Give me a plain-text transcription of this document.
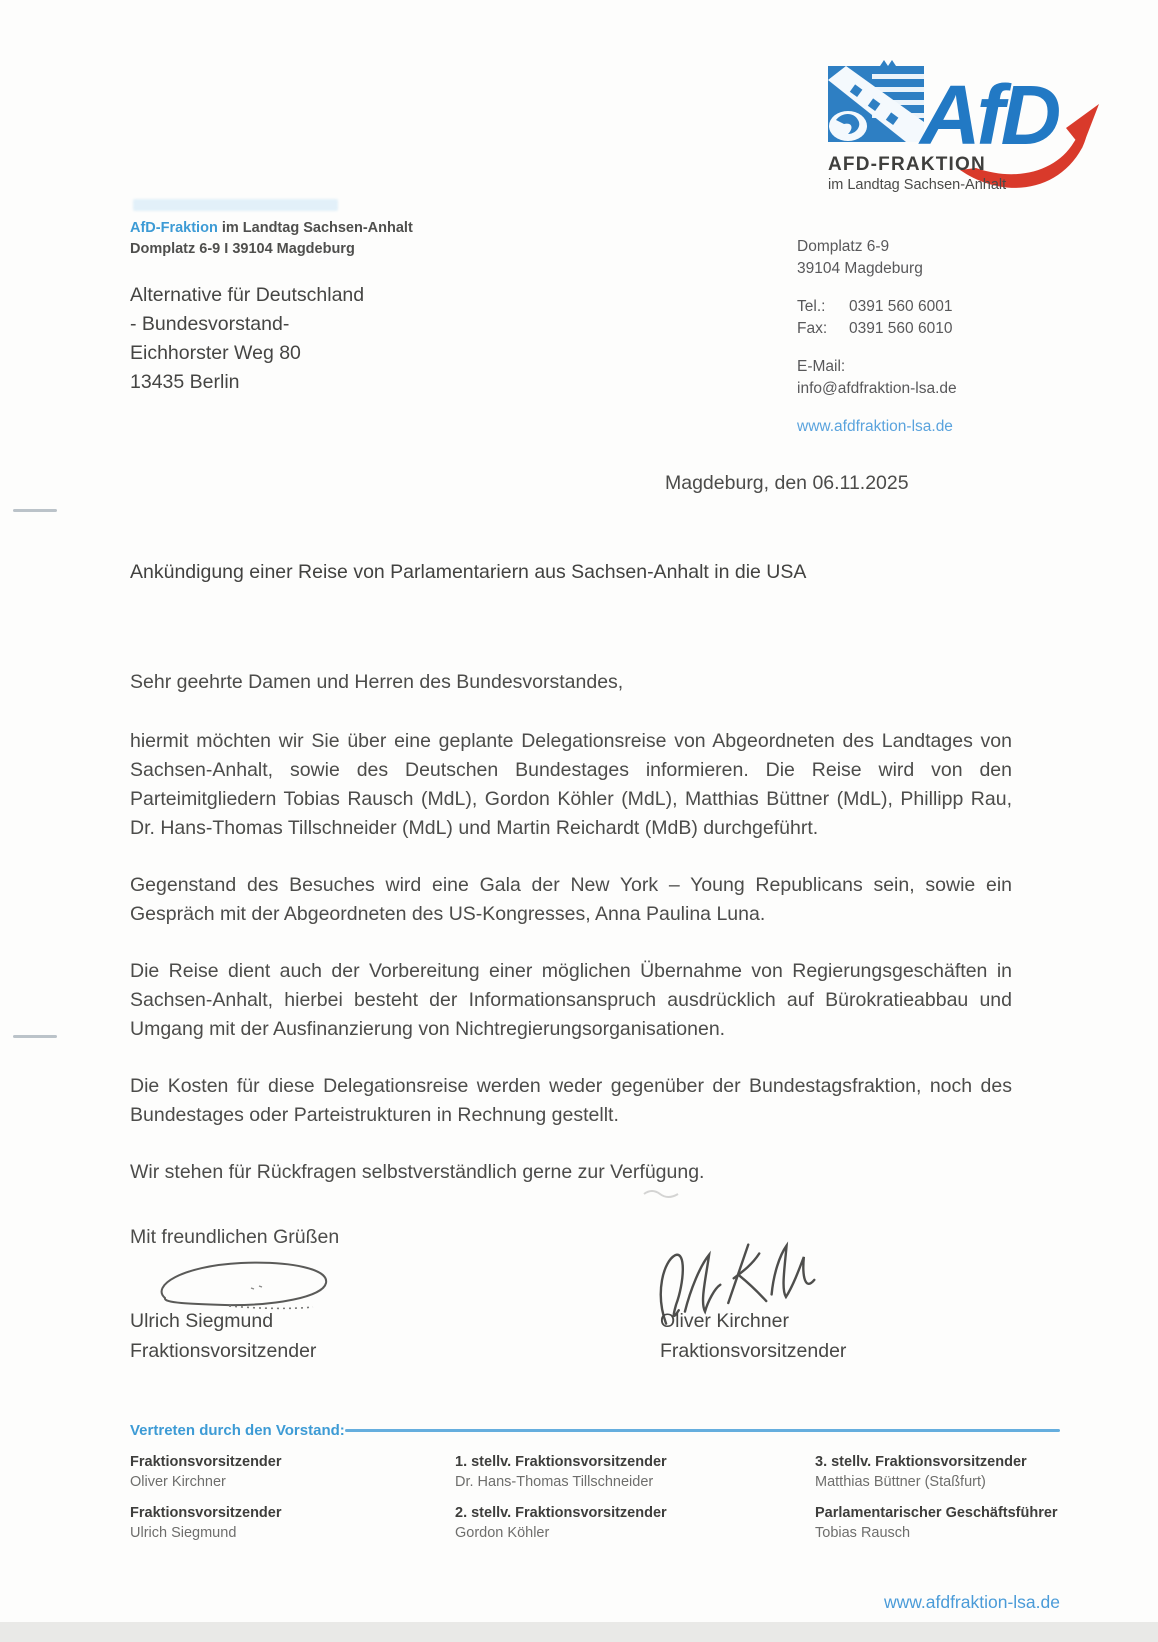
AfD
AFD-FRAKTION
im Landtag Sachsen-Anhalt
AfD-Fraktion im Landtag Sachsen-Anhalt
Domplatz 6-9 I 39104 Magdeburg
Alternative für Deutschland
- Bundesvorstand-
Eichhorster Weg 80
13435 Berlin
Domplatz 6-9
39104 Magdeburg
Tel.:	0391 560 6001
Fax:	0391 560 6010
E-Mail:
info@afdfraktion-lsa.de
www.afdfraktion-lsa.de
Magdeburg, den 06.11.2025
Ankündigung einer Reise von Parlamentariern aus Sachsen-Anhalt in die USA
Sehr geehrte Damen und Herren des Bundesvorstandes,

hiermit möchten wir Sie über eine geplante Delegationsreise von Abgeordneten des Landtages von Sachsen-Anhalt, sowie des Deutschen Bundestages informieren. Die Reise wird von den Parteimitgliedern Tobias Rausch (MdL), Gordon Köhler (MdL), Matthias Büttner (MdL), Phillipp Rau, Dr. Hans-Thomas Tillschneider (MdL) und Martin Reichardt (MdB) durchgeführt.

Gegenstand des Besuches wird eine Gala der New York – Young Republicans sein, sowie ein Gespräch mit der Abgeordneten des US-Kongresses, Anna Paulina Luna.

Die Reise dient auch der Vorbereitung einer möglichen Übernahme von Regierungsgeschäften in Sachsen-Anhalt, hierbei besteht der Informationsanspruch ausdrücklich auf Bürokratieabbau und Umgang mit der Ausfinanzierung von Nichtregierungsorganisationen.

Die Kosten für diese Delegationsreise werden weder gegenüber der Bundestagsfraktion, noch des Bundestages oder Parteistrukturen in Rechnung gestellt.

Wir stehen für Rückfragen selbstverständlich gerne zur Verfügung.

Mit freundlichen Grüßen
Ulrich Siegmund
Fraktionsvorsitzender
Oliver Kirchner
Fraktionsvorsitzender
Vertreten durch den Vorstand:
Fraktionsvorsitzender
Oliver Kirchner
Fraktionsvorsitzender
Ulrich Siegmund
1. stellv. Fraktionsvorsitzender
Dr. Hans-Thomas Tillschneider
2. stellv. Fraktionsvorsitzender
Gordon Köhler
3. stellv. Fraktionsvorsitzender
Matthias Büttner (Staßfurt)
Parlamentarischer Geschäftsführer
Tobias Rausch
www.afdfraktion-lsa.de
